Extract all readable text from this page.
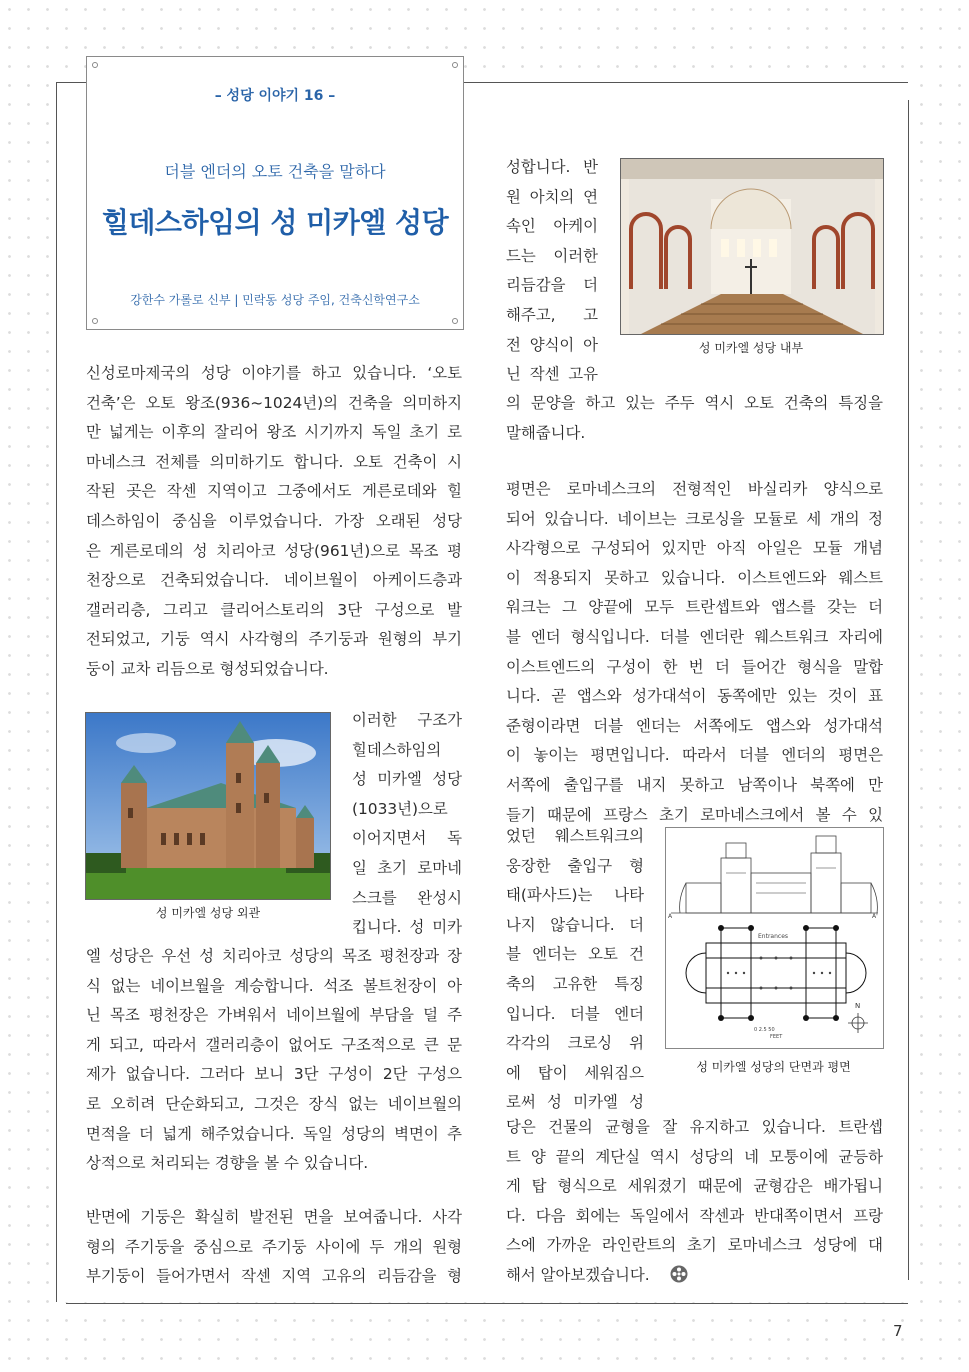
– 성당 이야기 16 –
더블 엔더의 오토 건축을 말하다
힐데스하임의 성 미카엘 성당
강한수 가롤로 신부 | 민락동 성당 주임, 건축신학연구소
신성로마제국의 성당 이야기를 하고 있습니다. ‘오토
건축’은 오토 왕조(936~1024년)의 건축을 의미하지
만 넓게는 이후의 잘리어 왕조 시기까지 독일 초기 로
마네스크 전체를 의미하기도 합니다. 오토 건축이 시
작된 곳은 작센 지역이고 그중에서도 게른로데와 힐
데스하임이 중심을 이루었습니다. 가장 오래된 성당
은 게른로데의 성 치리아코 성당(961년)으로 목조 평
천장으로 건축되었습니다. 네이브월이 아케이드층과
갤러리층, 그리고 클리어스토리의 3단 구성으로 발
전되었고, 기둥 역시 사각형의 주기둥과 원형의 부기
둥이 교차 리듬으로 형성되었습니다.
성 미카엘 성당 외관
이러한 구조가
힐데스하임의
성 미카엘 성당
(1033년)으로
이어지면서 독
일 초기 로마네
스크를 완성시
킵니다. 성 미카
엘 성당은 우선 성 치리아코 성당의 목조 평천장과 장
식 없는 네이브월을 계승합니다. 석조 볼트천장이 아
닌 목조 평천장은 가벼워서 네이브월에 부담을 덜 주
게 되고, 따라서 갤러리층이 없어도 구조적으로 큰 문
제가 없습니다. 그러다 보니 3단 구성이 2단 구성으
로 오히려 단순화되고, 그것은 장식 없는 네이브월의
면적을 더 넓게 해주었습니다. 독일 성당의 벽면이 추
상적으로 처리되는 경향을 볼 수 있습니다.
반면에 기둥은 확실히 발전된 면을 보여줍니다. 사각
형의 주기둥을 중심으로 주기둥 사이에 두 개의 원형
부기둥이 들어가면서 작센 지역 고유의 리듬감을 형
성 미카엘 성당 내부
성합니다. 반
원 아치의 연
속인 아케이
드는 이러한
리듬감을 더
해주고, 고
전 양식이 아
닌 작센 고유
의 문양을 하고 있는 주두 역시 오토 건축의 특징을
말해줍니다.
평면은 로마네스크의 전형적인 바실리카 양식으로
되어 있습니다. 네이브는 크로싱을 모듈로 세 개의 정
사각형으로 구성되어 있지만 아직 아일은 모듈 개념
이 적용되지 못하고 있습니다. 이스트엔드와 웨스트
워크는 그 양끝에 모두 트란셉트와 앱스를 갖는 더
블 엔더 형식입니다. 더블 엔더란 웨스트워크 자리에
이스트엔드의 구성이 한 번 더 들어간 형식을 말합
니다. 곧 앱스와 성가대석이 동쪽에만 있는 것이 표
준형이라면 더블 엔더는 서쪽에도 앱스와 성가대석
이 놓이는 평면입니다. 따라서 더블 엔더의 평면은
서쪽에 출입구를 내지 못하고 남쪽이나 북쪽에 만
들기 때문에 프랑스 초기 로마네스크에서 볼 수 있
A	A'
Entrances
0 2.5 50
FEET
N
성 미카엘 성당의 단면과 평면
었던 웨스트워크의
웅장한 출입구 형
태(파사드)는 나타
나지 않습니다. 더
블 엔더는 오토 건
축의 고유한 특징
입니다. 더블 엔더
각각의 크로싱 위
에 탑이 세워짐으
로써 성 미카엘 성
당은 건물의 균형을 잘 유지하고 있습니다. 트란셉
트 양 끝의 계단실 역시 성당의 네 모퉁이에 균등하
게 탑 형식으로 세워졌기 때문에 균형감은 배가됩니
다. 다음 회에는 독일에서 작센과 반대쪽이면서 프랑
스에 가까운 라인란트의 초기 로마네스크 성당에 대
해서 알아보겠습니다.
7
